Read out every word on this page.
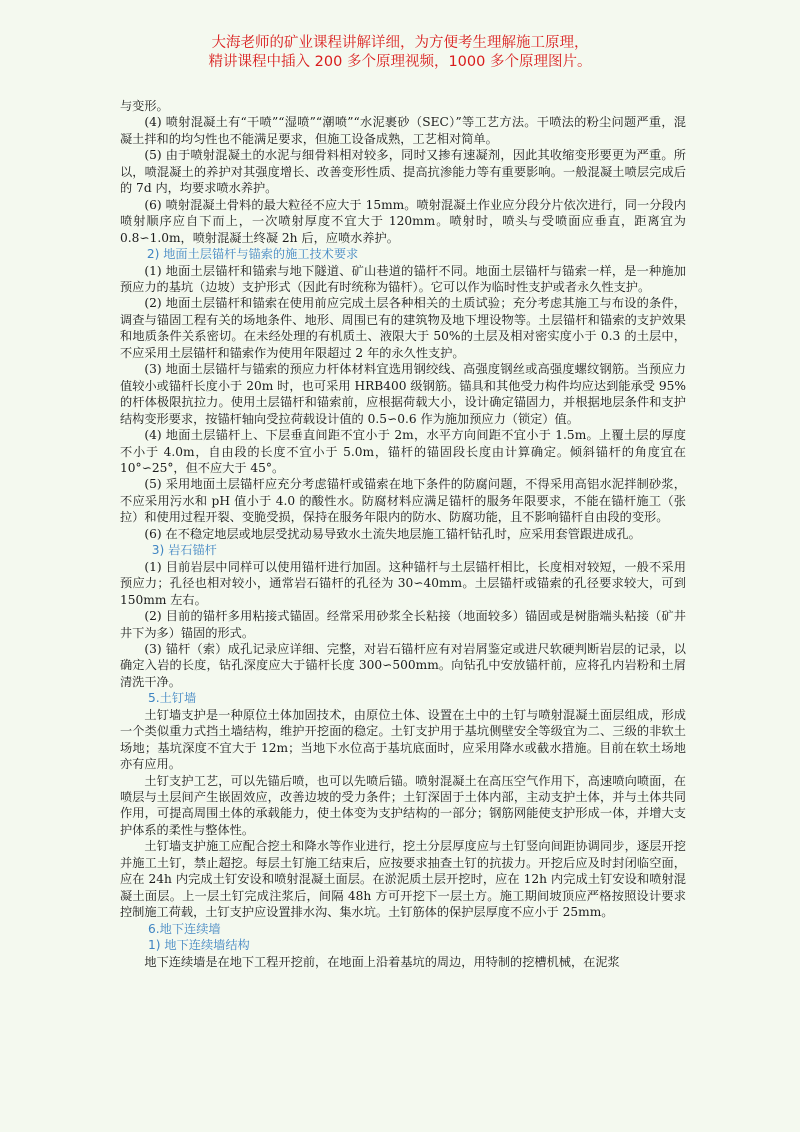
大海老师的矿业课程讲解详细，为方便考生理解施工原理，
精讲课程中插入 200 多个原理视频，1000 多个原理图片。

与变形。

(4) 喷射混凝土有“干喷”“湿喷”“潮喷”“水泥裹砂（SEC）”等工艺方法。干喷法的粉尘问题严重，混凝土拌和的均匀性也不能满足要求，但施工设备成熟，工艺相对简单。

(5) 由于喷射混凝土的水泥与细骨料相对较多，同时又掺有速凝剂，因此其收缩变形要更为严重。所以，喷混凝土的养护对其强度增长、改善变形性质、提高抗渗能力等有重要影响。一般混凝土喷层完成后的 7d 内，均要求喷水养护。

(6) 喷射混凝土骨料的最大粒径不应大于 15mm。喷射混凝土作业应分段分片依次进行，同一分段内喷射顺序应自下而上，一次喷射厚度不宜大于 120mm。喷射时，喷头与受喷面应垂直，距离宜为 0.8∽1.0m，喷射混凝土终凝 2h 后，应喷水养护。

2) 地面土层锚杆与锚索的施工技术要求

(1) 地面土层锚杆和锚索与地下隧道、矿山巷道的锚杆不同。地面土层锚杆与锚索一样，是一种施加预应力的基坑（边坡）支护形式（因此有时统称为锚杆）。它可以作为临时性支护或者永久性支护。

(2) 地面土层锚杆和锚索在使用前应完成土层各种相关的土质试验；充分考虑其施工与布设的条件，调查与锚固工程有关的场地条件、地形、周围已有的建筑物及地下埋设物等。土层锚杆和锚索的支护效果和地质条件关系密切。在未经处理的有机质土、液限大于 50%的土层及相对密实度小于 0.3 的土层中，不应采用土层锚杆和锚索作为使用年限超过 2 年的永久性支护。

(3) 地面土层锚杆与锚索的预应力杆体材料宜选用钢绞线、高强度钢丝或高强度螺纹钢筋。当预应力值较小或锚杆长度小于 20m 时，也可采用 HRB400 级钢筋。锚具和其他受力构件均应达到能承受 95%的杆体极限抗拉力。使用土层锚杆和锚索前，应根据荷载大小，设计确定锚固力，并根据地层条件和支护结构变形要求，按锚杆轴向受拉荷载设计值的 0.5∽0.6 作为施加预应力（锁定）值。

(4) 地面土层锚杆上、下层垂直间距不宜小于 2m，水平方向间距不宜小于 1.5m。上覆土层的厚度不小于 4.0m，自由段的长度不宜小于 5.0m，锚杆的锚固段长度由计算确定。倾斜锚杆的角度宜在 10°∽25°，但不应大于 45°。

(5) 采用地面土层锚杆应充分考虑锚杆或锚索在地下条件的防腐问题，不得采用高铝水泥拌制砂浆，不应采用污水和 pH 值小于 4.0 的酸性水。防腐材料应满足锚杆的服务年限要求，不能在锚杆施工（张拉）和使用过程开裂、变脆受损，保持在服务年限内的防水、防腐功能，且不影响锚杆自由段的变形。

(6) 在不稳定地层或地层受扰动易导致水土流失地层施工锚杆钻孔时，应采用套管跟进成孔。

3) 岩石锚杆

(1) 目前岩层中同样可以使用锚杆进行加固。这种锚杆与土层锚杆相比，长度相对较短，一般不采用预应力；孔径也相对较小，通常岩石锚杆的孔径为 30∽40mm。土层锚杆或锚索的孔径要求较大，可到 150mm 左右。

(2) 目前的锚杆多用粘接式锚固。经常采用砂浆全长粘接（地面较多）锚固或是树脂端头粘接（矿井井下为多）锚固的形式。

(3) 锚杆（索）成孔记录应详细、完整，对岩石锚杆应有对岩屑鉴定或进尺软硬判断岩层的记录，以确定入岩的长度，钻孔深度应大于锚杆长度 300∽500mm。向钻孔中安放锚杆前，应将孔内岩粉和土屑清洗干净。

5.土钉墙

土钉墙支护是一种原位土体加固技术，由原位土体、设置在土中的土钉与喷射混凝土面层组成，形成一个类似重力式挡土墙结构，维护开挖面的稳定。土钉支护用于基坑侧壁安全等级宜为二、三级的非软土场地；基坑深度不宜大于 12m；当地下水位高于基坑底面时，应采用降水或截水措施。目前在软土场地亦有应用。

土钉支护工艺，可以先锚后喷，也可以先喷后锚。喷射混凝土在高压空气作用下，高速喷向喷面，在喷层与土层间产生嵌固效应，改善边坡的受力条件；土钉深固于土体内部，主动支护土体，并与土体共同作用，可提高周围土体的承载能力，使土体变为支护结构的一部分；钢筋网能使支护形成一体，并增大支护体系的柔性与整体性。

土钉墙支护施工应配合挖土和降水等作业进行，挖土分层厚度应与土钉竖向间距协调同步，逐层开挖并施工土钉，禁止超挖。每层土钉施工结束后，应按要求抽查土钉的抗拔力。开挖后应及时封闭临空面，应在 24h 内完成土钉安设和喷射混凝土面层。在淤泥质土层开挖时，应在 12h 内完成土钉安设和喷射混凝土面层。上一层土钉完成注浆后，间隔 48h 方可开挖下一层土方。施工期间坡顶应严格按照设计要求控制施工荷载，土钉支护应设置排水沟、集水坑。土钉筋体的保护层厚度不应小于 25mm。

6.地下连续墙

1) 地下连续墙结构

地下连续墙是在地下工程开挖前，在地面上沿着基坑的周边，用特制的挖槽机械，在泥浆
